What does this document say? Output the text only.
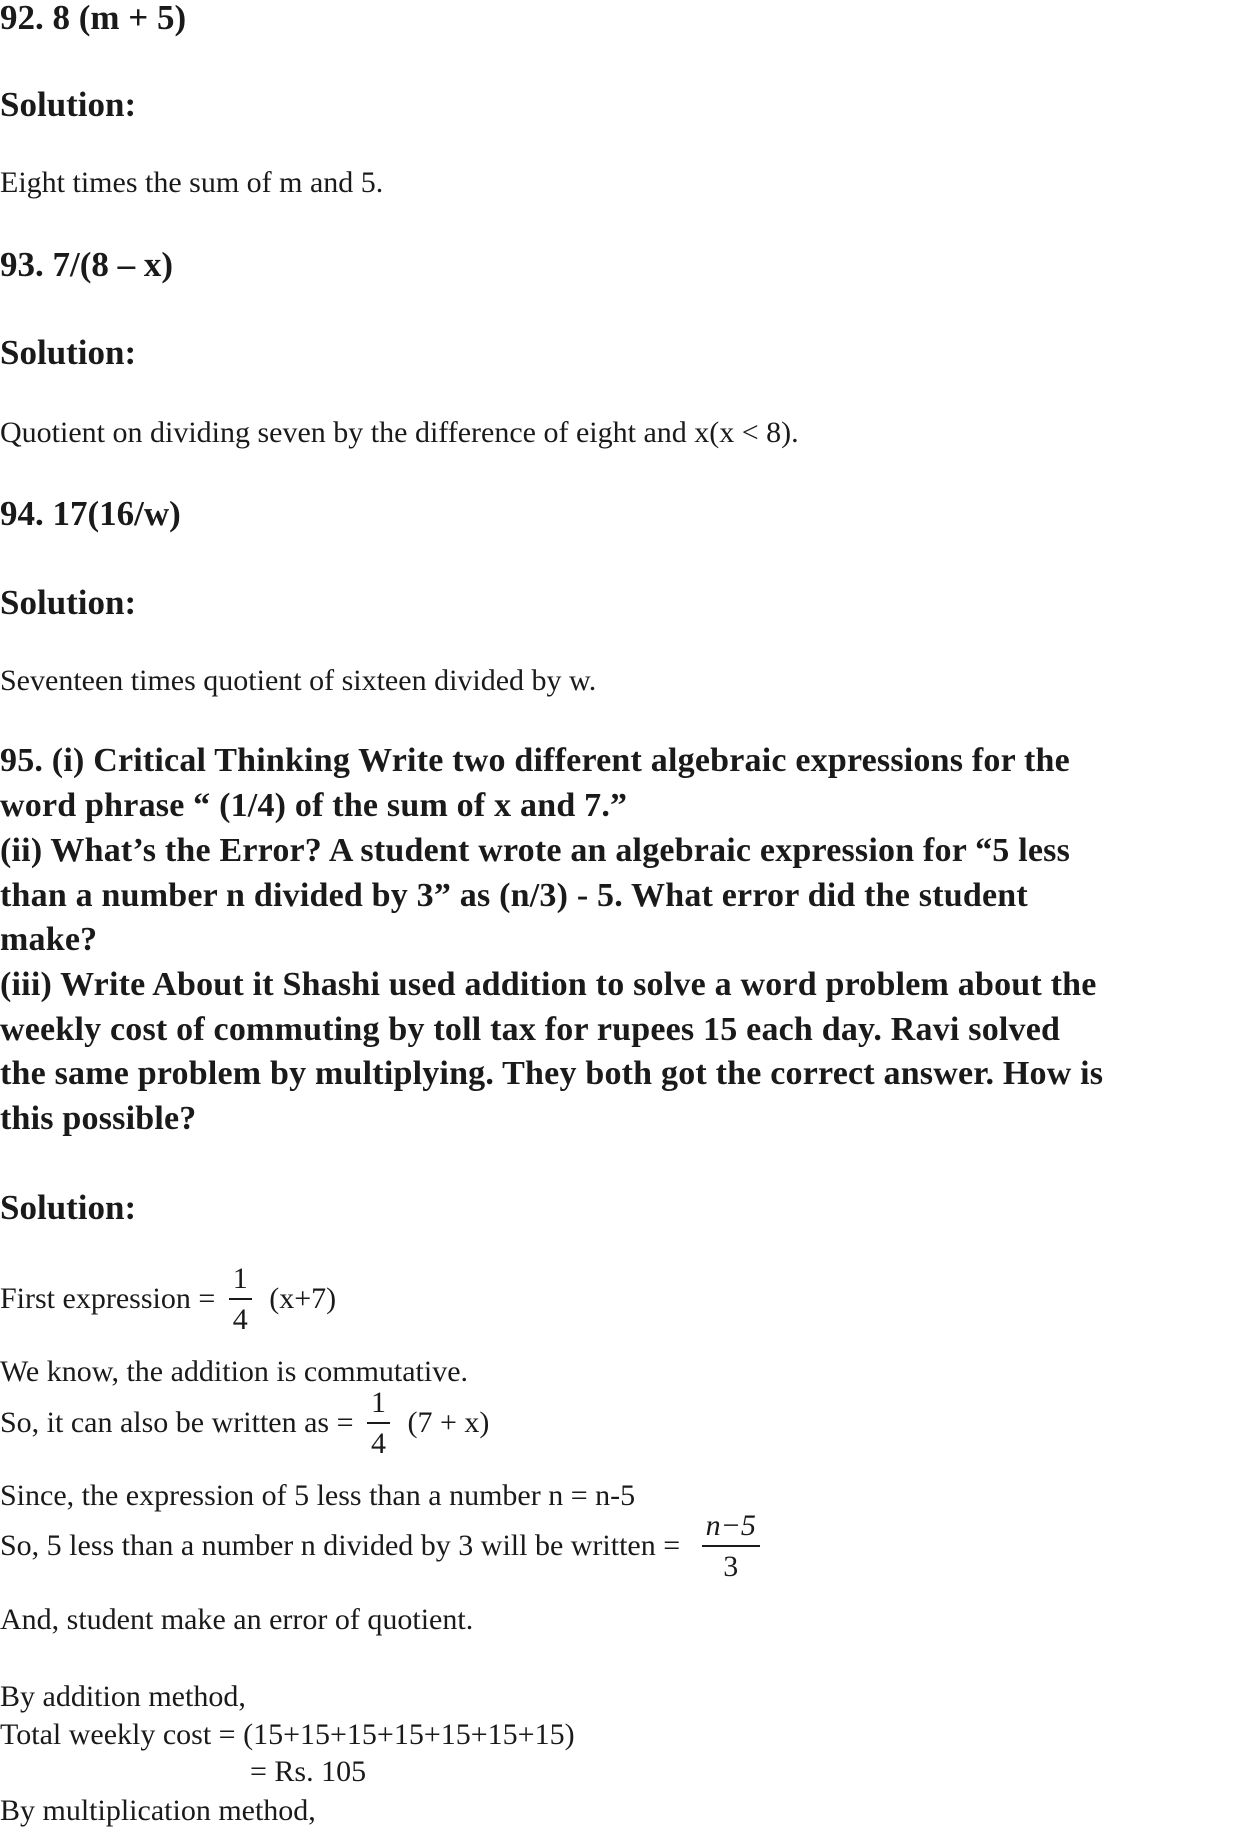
92. 8 (m + 5)
Solution:
Eight times the sum of m and 5.
93. 7/(8 – x)
Solution:
Quotient on dividing seven by the difference of eight and x(x < 8).
94. 17(16/w)
Solution:
Seventeen times quotient of sixteen divided by w.
95. (i) Critical Thinking Write two different algebraic expressions for the
word phrase “ (1/4) of the sum of x and 7.”
(ii) What’s the Error? A student wrote an algebraic expression for “5 less
than a number n divided by 3” as (n/3) - 5. What error did the student
make?
(iii) Write About it Shashi used addition to solve a word problem about the
weekly cost of commuting by toll tax for rupees 15 each day. Ravi solved
the same problem by multiplying. They both got the correct answer. How is
this possible?
Solution:
First expression = $\frac{1}{4} (x+7)$
We know, the addition is commutative.
So, it can also be written as = $\frac{1}{4} (7 + x)$
Since, the expression of 5 less than a number n = n-5
So, 5 less than a number n divided by 3 will be written = $\frac{n-5}{3}$
And, student make an error of quotient.
By addition method,
Total weekly cost = (15+15+15+15+15+15+15)
= Rs. 105
By multiplication method,
